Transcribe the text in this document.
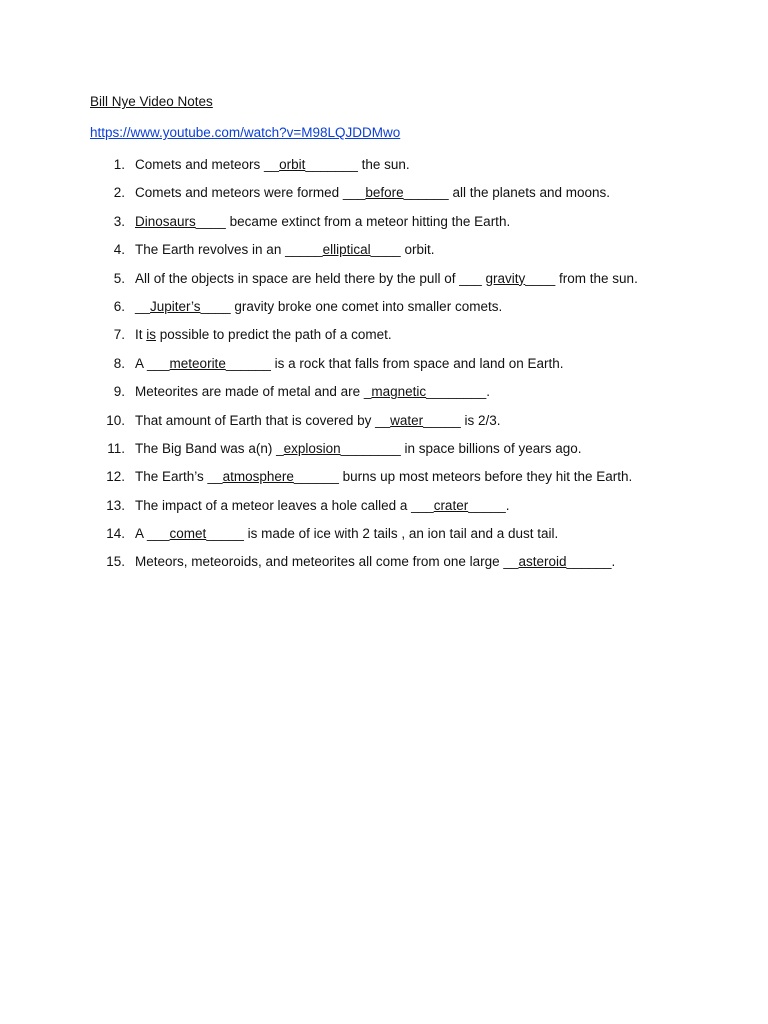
Bill Nye Video Notes
https://www.youtube.com/watch?v=M98LQJDDMwo
1. Comets and meteors __orbit_______ the sun.
2. Comets and meteors were formed ___before______ all the planets and moons.
3. Dinosaurs____ became extinct from a meteor hitting the Earth.
4. The Earth revolves in an _____elliptical____ orbit.
5. All of the objects in space are held there by the pull of ___ gravity____ from the sun.
6. __Jupiter’s____ gravity broke one comet into smaller comets.
7. It is possible to predict the path of a comet.
8. A ___meteorite______ is a rock that falls from space and land on Earth.
9. Meteorites are made of metal and are _magnetic________.
10. That amount of Earth that is covered by __water_____ is 2/3.
11. The Big Band was a(n) _explosion________ in space billions of years ago.
12. The Earth’s __atmosphere______ burns up most meteors before they hit the Earth.
13. The impact of a meteor leaves a hole called a ___crater_____.
14. A ___comet_____ is made of ice with 2 tails , an ion tail and a dust tail.
15. Meteors, meteoroids, and meteorites all come from one large __asteroid______.
